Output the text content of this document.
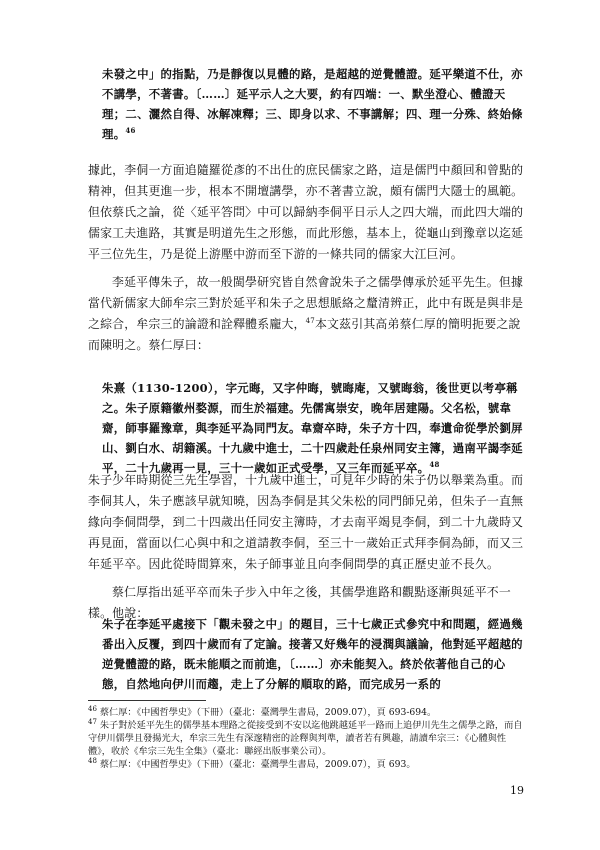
未發之中」的指點，乃是靜復以見體的路，是超越的逆覺體證。延平樂道不仕，亦不講學，不著書。〔……〕延平示人之大要，約有四端：一、默坐澄心、體證天理；二、灑然自得、冰解凍釋；三、即身以求、不事講解；四、理一分殊、終始條理。$^{46}$

據此，李侗一方面追隨羅從彥的不出仕的庶民儒家之路，這是儒門中顏回和曾點的精神，但其更進一步，根本不開壇講學，亦不著書立說，頗有儒門大隱士的風範。但依蔡氏之論，從〈延平答問〉中可以歸納李侗平日示人之四大端，而此四大端的儒家工夫進路，其實是明道先生之形態，而此形態，基本上，從龜山到豫章以迄延平三位先生，乃是從上游壓中游而至下游的一條共同的儒家大江巨河。

李延平傳朱子，故一般閩學研究皆自然會說朱子之儒學傳承於延平先生。但據當代新儒家大師牟宗三對於延平和朱子之思想脈絡之釐清辨正，此中有既是與非是之綜合，牟宗三的論證和詮釋體系龐大，$^{47}$本文茲引其高弟蔡仁厚的簡明扼要之說而陳明之。蔡仁厚曰：

朱熹（1130-1200），字元晦，又字仲晦，號晦庵，又號晦翁，後世更以考亭稱之。朱子原籍徽州婺源，而生於福建。先儒寓崇安，晚年居建陽。父名松，號韋齋，師事羅豫章，與李延平為同門友。韋齋卒時，朱子方十四，奉遺命從學於劉屏山、劉白水、胡籍溪。十九歲中進士，二十四歲赴任泉州同安主簿，過南平謁李延平，二十九歲再一見，三十一歲如正式受學，又三年而延平卒。$^{48}$

朱子少年時期從三先生學習，十九歲中進士，可見年少時的朱子仍以舉業為重。而李侗其人，朱子應該早就知曉，因為李侗是其父朱松的同門師兄弟，但朱子一直無緣向李侗問學，到二十四歲出任同安主簿時，才去南平竭見李侗，到二十九歲時又再見面，當面以仁心與中和之道請教李侗，至三十一歲始正式拜李侗為師，而又三年延平卒。因此從時間算來，朱子師事並且向李侗問學的真正歷史並不長久。

蔡仁厚指出延平卒而朱子步入中年之後，其儒學進路和觀點逐漸與延平不一樣。他說：

朱子在李延平處接下「觀未發之中」的題目，三十七歲正式參究中和問題，經過幾番出入反覆，到四十歲而有了定論。接著又好幾年的浸潤與議論，他對延平超越的逆覺體證的路，既未能順之而前進，〔……〕亦未能契入。終於依著他自己的心態，自然地向伊川而趨，走上了分解的順取的路，而完成另一系的

$^{46}$ 蔡仁厚：《中國哲學史》（下冊）（臺北：臺灣學生書局，2009.07），頁 693-694。

$^{47}$ 朱子對於延平先生的儒學基本理路之從接受到不安以迄他跳越延平一路而上追伊川先生之儒學之路，而自守伊川儒學且發揚光大，牟宗三先生有深邃精密的詮釋與判準，讀者若有興趣，請讀牟宗三：《心體與性體》，收於《牟宗三先生全集》（臺北：聯經出版事業公司）。

$^{48}$ 蔡仁厚：《中國哲學史》（下冊）（臺北：臺灣學生書局，2009.07），頁 693。

19
